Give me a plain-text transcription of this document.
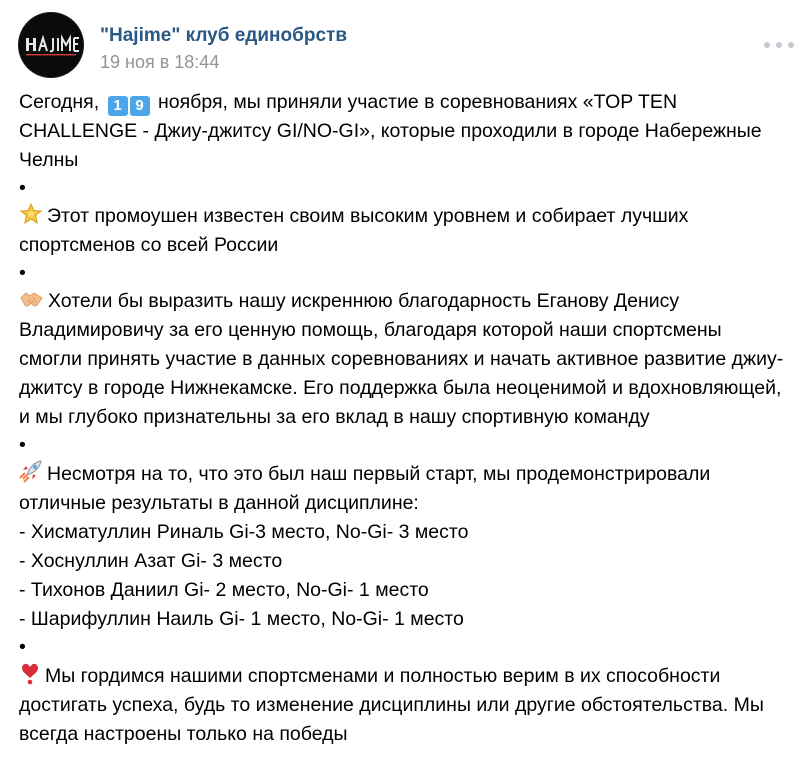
"Hajime" клуб единобрств
19 ноя в 18:44

Сегодня, 1 9 ноября, мы приняли участие в соревнованиях «TOP TEN CHALLENGE - Джиу-джитсу GI/NO-GI», которые проходили в городе Набережные Челны

•

Этот промоушен известен своим высоким уровнем и собирает лучших спортсменов со всей России

•

Хотели бы выразить нашу искреннюю благодарность Еганову Денису Владимировичу за его ценную помощь, благодаря которой наши спортсмены смогли принять участие в данных соревнованиях и начать активное развитие джиу-джитсу в городе Нижнекамске. Его поддержка была неоценимой и вдохновляющей, и мы глубоко признательны за его вклад в нашу спортивную команду

•

Несмотря на то, что это был наш первый старт, мы продемонстрировали отличные результаты в данной дисциплине:

- Хисматуллин Риналь Gi-3 место, No-Gi- 3 место

- Хоснуллин Азат Gi- 3 место

- Тихонов Даниил Gi- 2 место, No-Gi- 1 место

- Шарифуллин Наиль Gi- 1 место, No-Gi- 1 место

•

Мы гордимся нашими спортсменами и полностью верим в их способности достигать успеха, будь то изменение дисциплины или другие обстоятельства. Мы всегда настроены только на победы
